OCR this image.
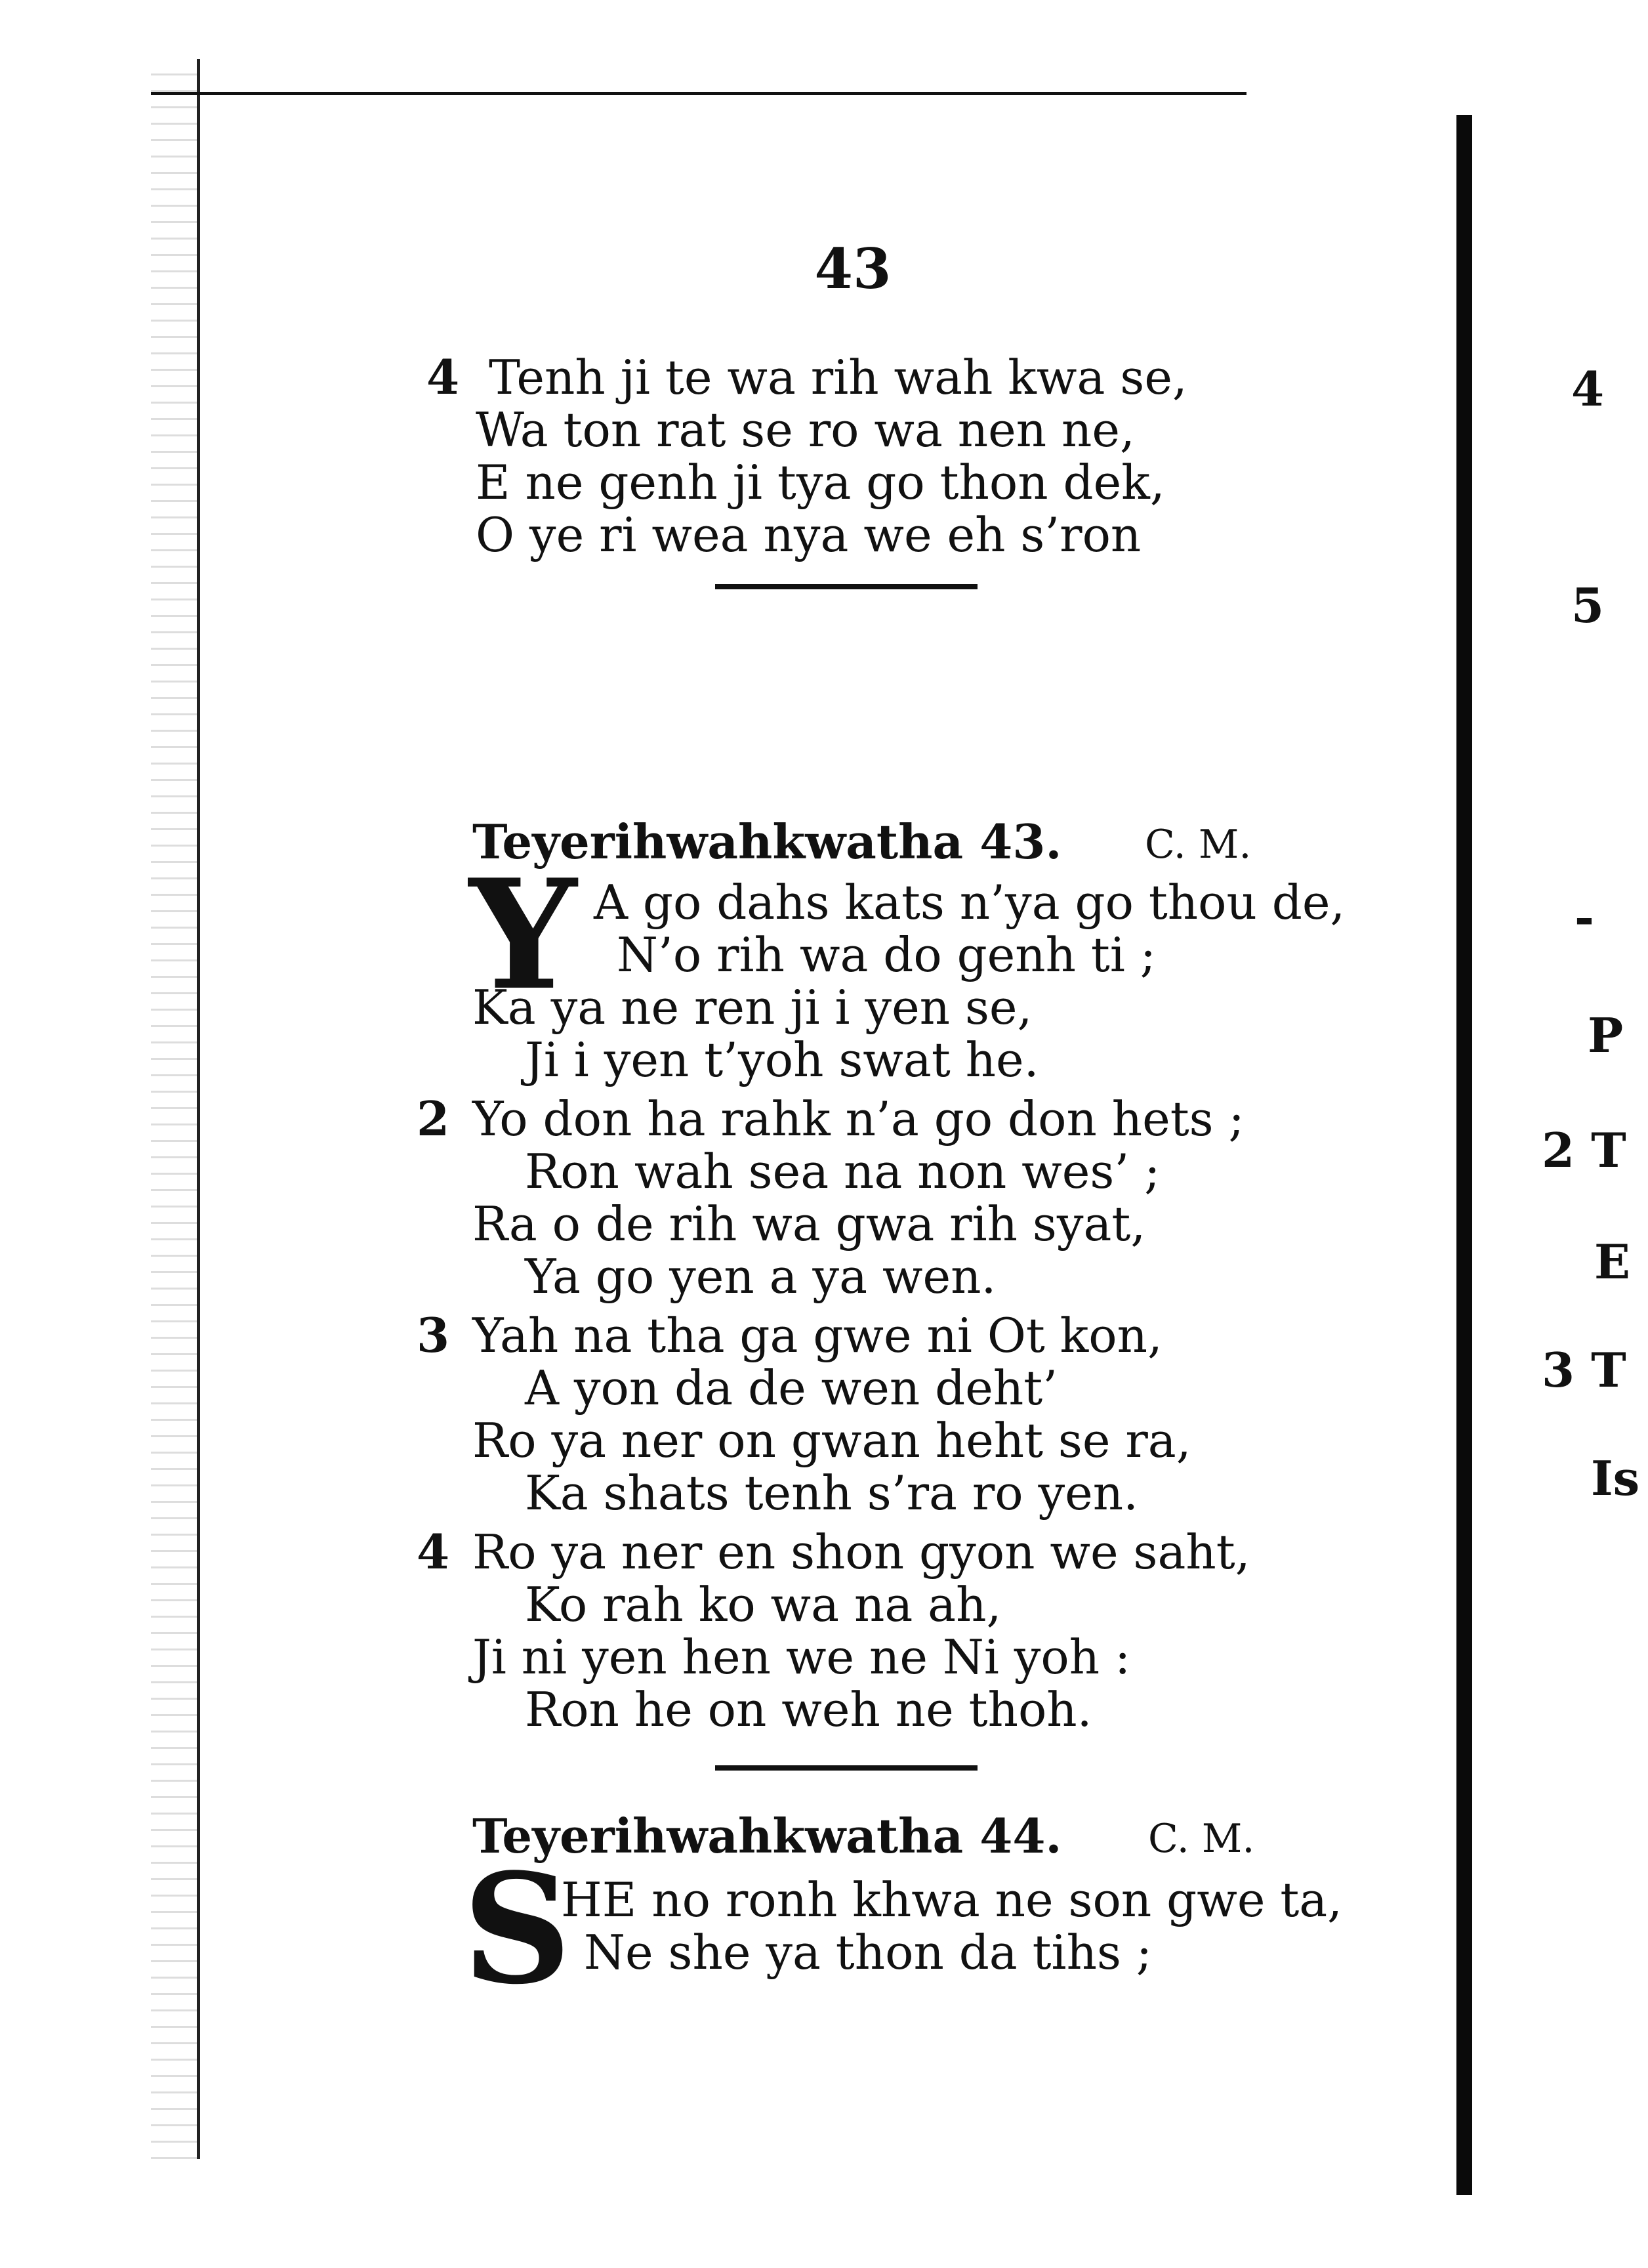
43
4 Tenh ji te wa rih wah kwa se,
Wa ton rat se ro wa nen ne,
E ne genh ji tya go thon dek,
O ye ri wea nya we eh s’ron
Teyerihwahkwatha 43. C. M.
Y A go dahs kats n’ya go thou de,
N’o rih wa do genh ti ;
Ka ya ne ren ji i yen se,
Ji i yen t’yoh swat he.
2 Yo don ha rahk n’a go don hets ;
Ron wah sea na non wes’ ;
Ra o de rih wa gwa rih syat,
Ya go yen a ya wen.
3 Yah na tha ga gwe ni Ot kon,
A yon da de wen deht’
Ro ya ner on gwan heht se ra,
Ka shats tenh s’ra ro yen.
4 Ro ya ner en shon gyon we saht,
Ko rah ko wa na ah,
Ji ni yen hen we ne Ni yoh :
Ron he on weh ne thoh.
Teyerihwahkwatha 44. C. M.
S
HE no ronh khwa ne son gwe ta,
Ne she ya thon da tihs ;
4
5
-
P
2 T
E
3 T
Is
